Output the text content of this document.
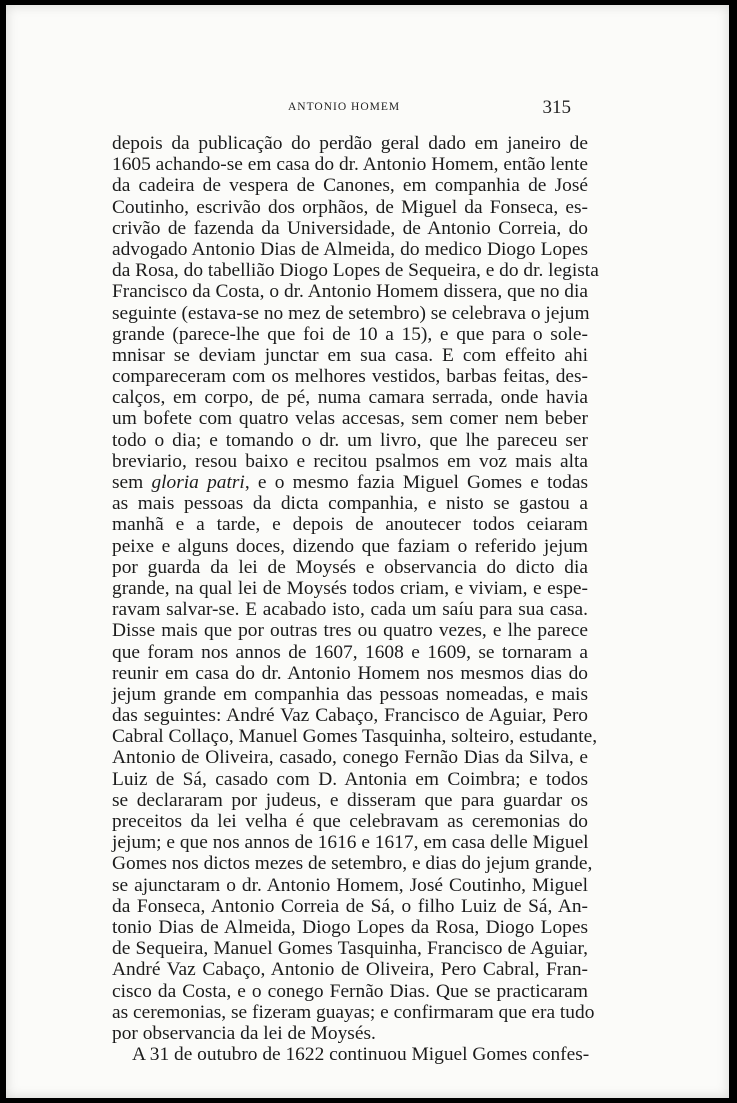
ANTONIO HOMEM	315
depois da publicação do perdão geral dado em janeiro de
1605 achando-se em casa do dr. Antonio Homem, então lente
da cadeira de vespera de Canones, em companhia de José
Coutinho, escrivão dos orphãos, de Miguel da Fonseca, es-
crivão de fazenda da Universidade, de Antonio Correia, do
advogado Antonio Dias de Almeida, do medico Diogo Lopes
da Rosa, do tabellião Diogo Lopes de Sequeira, e do dr. legista
Francisco da Costa, o dr. Antonio Homem dissera, que no dia
seguinte (estava-se no mez de setembro) se celebrava o jejum
grande (parece-lhe que foi de 10 a 15), e que para o sole-
mnisar se deviam junctar em sua casa. E com effeito ahi
compareceram com os melhores vestidos, barbas feitas, des-
calços, em corpo, de pé, numa camara serrada, onde havia
um bofete com quatro velas accesas, sem comer nem beber
todo o dia; e tomando o dr. um livro, que lhe pareceu ser
breviario, resou baixo e recitou psalmos em voz mais alta
sem gloria patri, e o mesmo fazia Miguel Gomes e todas
as mais pessoas da dicta companhia, e nisto se gastou a
manhã e a tarde, e depois de anoutecer todos ceiaram
peixe e alguns doces, dizendo que faziam o referido jejum
por guarda da lei de Moysés e observancia do dicto dia
grande, na qual lei de Moysés todos criam, e viviam, e espe-
ravam salvar-se. E acabado isto, cada um saíu para sua casa.
Disse mais que por outras tres ou quatro vezes, e lhe parece
que foram nos annos de 1607, 1608 e 1609, se tornaram a
reunir em casa do dr. Antonio Homem nos mesmos dias do
jejum grande em companhia das pessoas nomeadas, e mais
das seguintes: André Vaz Cabaço, Francisco de Aguiar, Pero
Cabral Collaço, Manuel Gomes Tasquinha, solteiro, estudante,
Antonio de Oliveira, casado, conego Fernão Dias da Silva, e
Luiz de Sá, casado com D. Antonia em Coimbra; e todos
se declararam por judeus, e disseram que para guardar os
preceitos da lei velha é que celebravam as ceremonias do
jejum; e que nos annos de 1616 e 1617, em casa delle Miguel
Gomes nos dictos mezes de setembro, e dias do jejum grande,
se ajunctaram o dr. Antonio Homem, José Coutinho, Miguel
da Fonseca, Antonio Correia de Sá, o filho Luiz de Sá, An-
tonio Dias de Almeida, Diogo Lopes da Rosa, Diogo Lopes
de Sequeira, Manuel Gomes Tasquinha, Francisco de Aguiar,
André Vaz Cabaço, Antonio de Oliveira, Pero Cabral, Fran-
cisco da Costa, e o conego Fernão Dias. Que se practicaram
as ceremonias, se fizeram guayas; e confirmaram que era tudo
por observancia da lei de Moysés.
A 31 de outubro de 1622 continuou Miguel Gomes confes-
